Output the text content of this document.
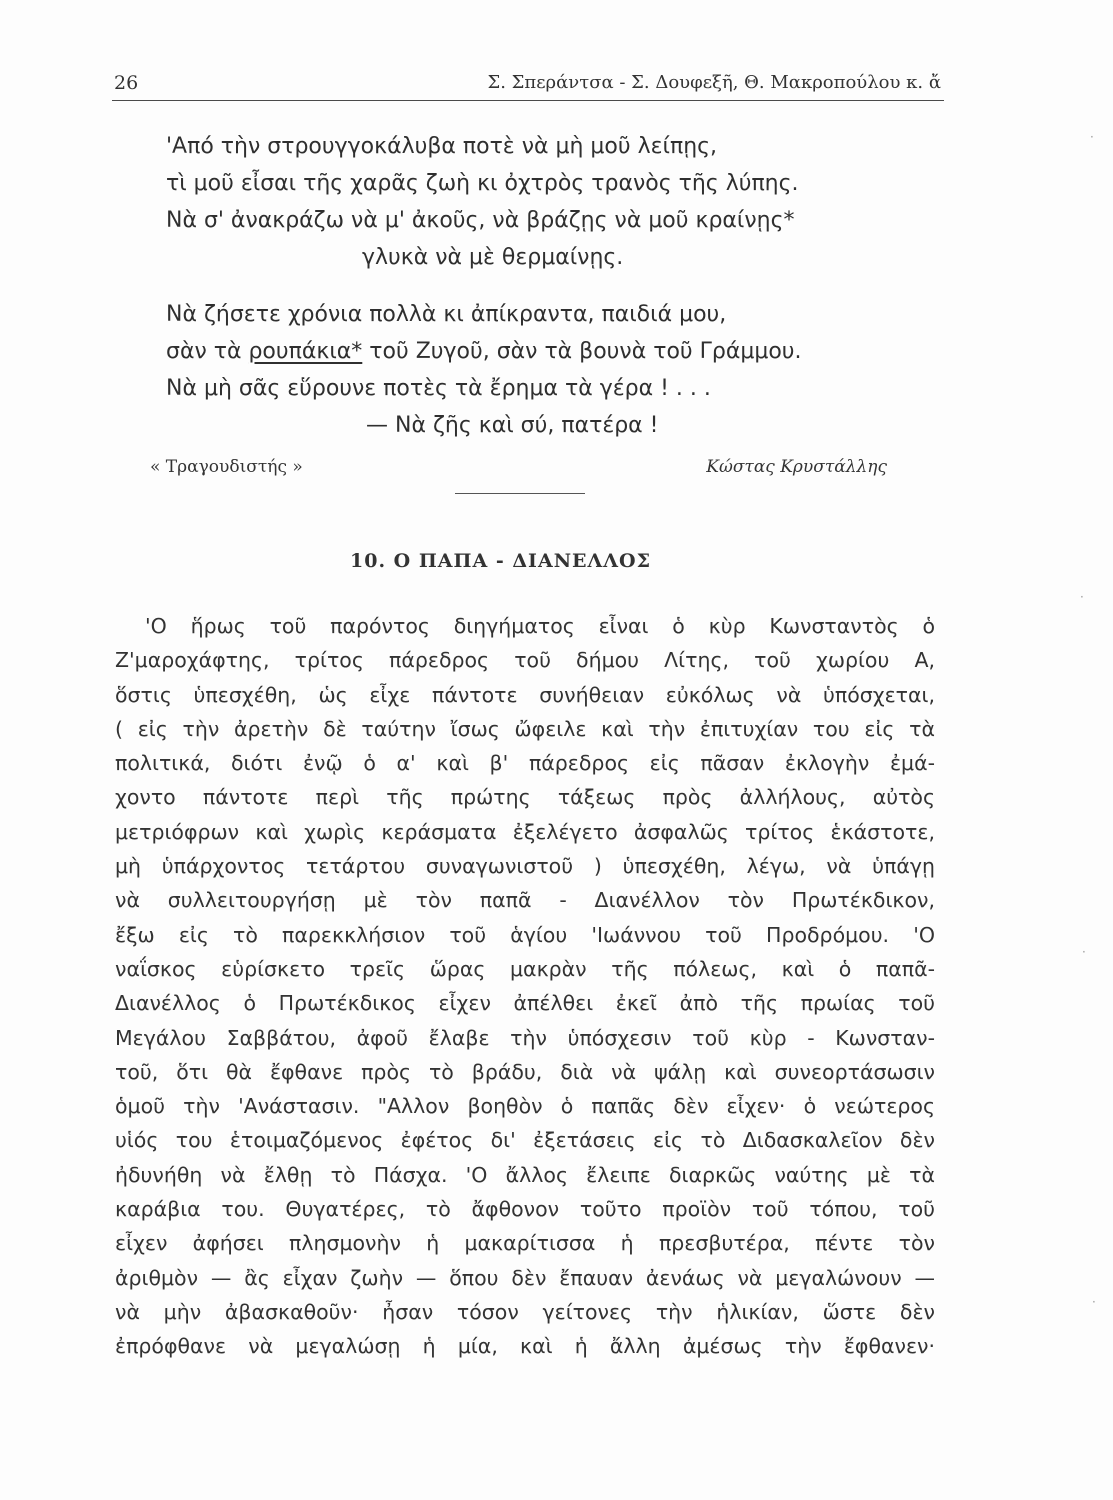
26	Σ. Σπεράντσα - Σ. Δουφεξῆ, Θ. Μακροπούλου κ. ἄ
'Από τὴν στρουγγοκάλυβα ποτὲ νὰ μὴ μοῦ λείπῃς,
τὶ μοῦ εἶσαι τῆς χαρᾶς ζωὴ κι ὀχτρὸς τρανὸς τῆς λύπης.
Νὰ σ' ἀνακράζω νὰ μ' ἀκοῦς, νὰ βράζῃς νὰ μοῦ κραίνῃς*
γλυκὰ νὰ μὲ θερμαίνῃς.
Νὰ ζήσετε χρόνια πολλὰ κι ἀπίκραντα, παιδιά μου,
σὰν τὰ ρουπάκια* τοῦ Ζυγοῦ, σὰν τὰ βουνὰ τοῦ Γράμμου.
Νὰ μὴ σᾶς εὕρουνε ποτὲς τὰ ἔρημα τὰ γέρα ! . . .
— Νὰ ζῆς καὶ σύ, πατέρα !
« Τραγουδιστής »	Κώστας Κρυστάλλης
10. Ο ΠΑΠΑ - ΔΙΑΝΕΛΛΟΣ
'Ο ἥρως τοῦ παρόντος διηγήματος εἶναι ὁ κὺρ Κωνσταντὸς ὁ
Ζ'μαροχάφτης, τρίτος πάρεδρος τοῦ δήμου Λίτης, τοῦ χωρίου Α,
ὅστις ὑπεσχέθη, ὡς εἶχε πάντοτε συνήθειαν εὐκόλως νὰ ὑπόσχεται,
( εἰς τὴν ἀρετὴν δὲ ταύτην ἴσως ὤφειλε καὶ τὴν ἐπιτυχίαν του εἰς τὰ
πολιτικά, διότι ἐνῷ ὁ α' καὶ β' πάρεδρος εἰς πᾶσαν ἐκλογὴν ἐμά-
χοντο πάντοτε περὶ τῆς πρώτης τάξεως πρὸς ἀλλήλους, αὐτὸς
μετριόφρων καὶ χωρὶς κεράσματα ἐξελέγετο ἀσφαλῶς τρίτος ἑκάστοτε,
μὴ ὑπάρχοντος τετάρτου συναγωνιστοῦ ) ὑπεσχέθη, λέγω, νὰ ὑπάγῃ
νὰ συλλειτουργήσῃ μὲ τὸν παπᾶ - Διανέλλον τὸν Πρωτέκδικον,
ἔξω εἰς τὸ παρεκκλήσιον τοῦ ἁγίου 'Ιωάννου τοῦ Προδρόμου. 'Ο
ναΐσκος εὑρίσκετο τρεῖς ὥρας μακρὰν τῆς πόλεως, καὶ ὁ παπᾶ-
Διανέλλος ὁ Πρωτέκδικος εἶχεν ἀπέλθει ἐκεῖ ἀπὸ τῆς πρωίας τοῦ
Μεγάλου Σαββάτου, ἀφοῦ ἔλαβε τὴν ὑπόσχεσιν τοῦ κὺρ - Κωνσταν-
τοῦ, ὅτι θὰ ἔφθανε πρὸς τὸ βράδυ, διὰ νὰ ψάλῃ καὶ συνεορτάσωσιν
ὁμοῦ τὴν 'Ανάστασιν. "Αλλον βοηθὸν ὁ παπᾶς δὲν εἶχεν· ὁ νεώτερος
υἱός του ἑτοιμαζόμενος ἐφέτος δι' ἐξετάσεις εἰς τὸ Διδασκαλεῖον δὲν
ἠδυνήθη νὰ ἔλθῃ τὸ Πάσχα. 'Ο ἄλλος ἔλειπε διαρκῶς ναύτης μὲ τὰ
καράβια του. Θυγατέρες, τὸ ἄφθονον τοῦτο προϊὸν τοῦ τόπου, τοῦ
εἶχεν ἀφήσει πλησμονὴν ἡ μακαρίτισσα ἡ πρεσβυτέρα, πέντε τὸν
ἀριθμὸν — ἂς εἶχαν ζωὴν — ὅπου δὲν ἔπαυαν ἀενάως νὰ μεγαλώνουν —
νὰ μὴν ἀβασκαθοῦν· ἦσαν τόσον γείτονες τὴν ἡλικίαν, ὥστε δὲν
ἐπρόφθανε νὰ μεγαλώσῃ ἡ μία, καὶ ἡ ἄλλη ἀμέσως τὴν ἔφθανεν·
·
·
·
·
